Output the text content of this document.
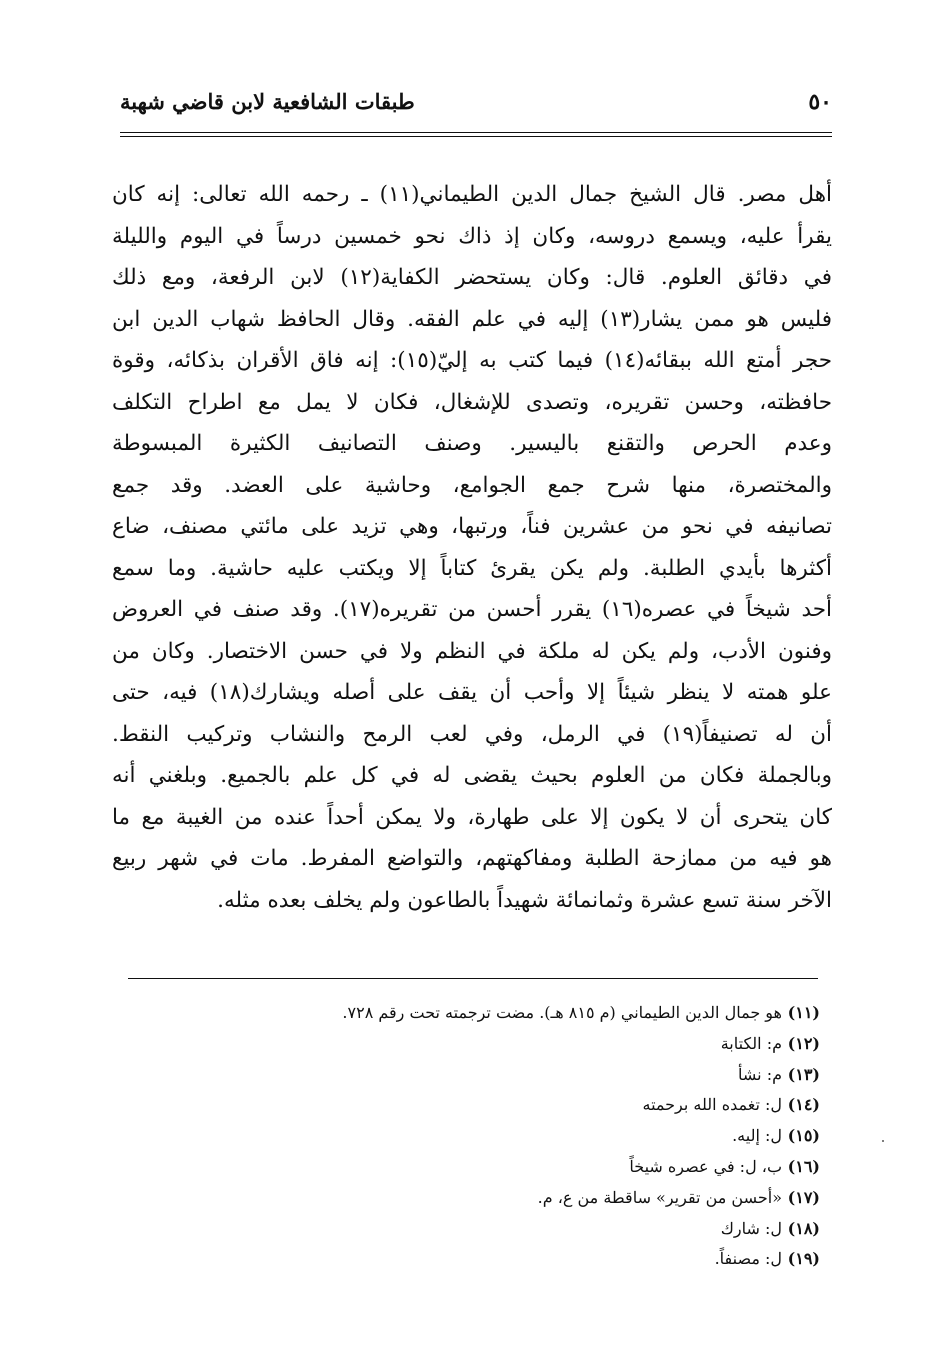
٥٠
طبقات الشافعية لابن قاضي شهبة
أهل مصر. قال الشيخ جمال الدين الطيماني(١١) ـ رحمه الله تعالى: إنه كان
يقرأ عليه، ويسمع دروسه، وكان إذ ذاك نحو خمسين درساً في اليوم والليلة
في دقائق العلوم. قال: وكان يستحضر الكفاية(١٢) لابن الرفعة، ومع ذلك
فليس هو ممن يشار(١٣) إليه في علم الفقه. وقال الحافظ شهاب الدين ابن
حجر أمتع الله ببقائه(١٤) فيما كتب به إليّ(١٥): إنه فاق الأقران بذكائه، وقوة
حافظته، وحسن تقريره، وتصدى للإشغال، فكان لا يمل مع اطراح التكلف
وعدم الحرص والتقنع باليسير. وصنف التصانيف الكثيرة المبسوطة
والمختصرة، منها شرح جمع الجوامع، وحاشية على العضد. وقد جمع
تصانيفه في نحو من عشرين فناً، ورتبها، وهي تزيد على مائتي مصنف، ضاع
أكثرها بأيدي الطلبة. ولم يكن يقرئ كتاباً إلا ويكتب عليه حاشية. وما سمع
أحد شيخاً في عصره(١٦) يقرر أحسن من تقريره(١٧). وقد صنف في العروض
وفنون الأدب، ولم يكن له ملكة في النظم ولا في حسن الاختصار. وكان من
علو همته لا ينظر شيئاً إلا وأحب أن يقف على أصله ويشارك(١٨) فيه، حتى
أن له تصنيفاً(١٩) في الرمل، وفي لعب الرمح والنشاب وتركيب النقط.
وبالجملة فكان من العلوم بحيث يقضى له في كل علم بالجميع. وبلغني أنه
كان يتحرى أن لا يكون إلا على طهارة، ولا يمكن أحداً عنده من الغيبة مع ما
هو فيه من ممازحة الطلبة ومفاكهتهم، والتواضع المفرط. مات في شهر ربيع
الآخر سنة تسع عشرة وثمانمائة شهيداً بالطاعون ولم يخلف بعده مثله.
(١١)
هو جمال الدين الطيماني (م ٨١٥ هـ). مضت ترجمته تحت رقم ٧٢٨.
(١٢)
م: الكتابة
(١٣)
م: نشأ
(١٤)
ل: تغمده الله برحمته
(١٥)
ل: إليه.
(١٦)
ب، ل: في عصره شيخاً
(١٧)
«أحسن من تقرير» ساقطة من ع، م.
(١٨)
ل: شارك
(١٩)
ل: مصنفاً.
